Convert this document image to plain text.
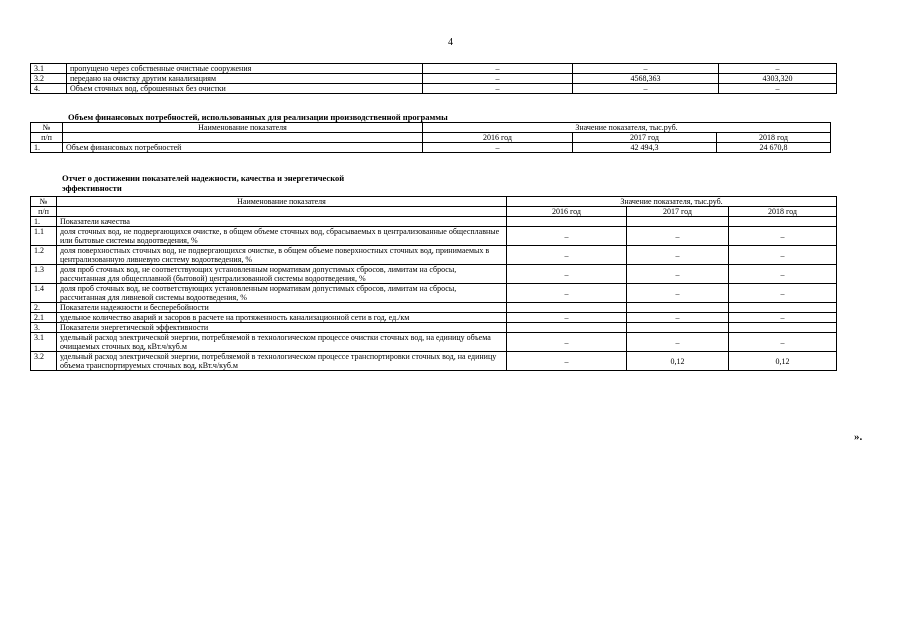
4
3.1	пропущено через собственные очистные сооружения	–	–	–
3.2	передано на очистку другим канализациям	–	4568,363	4303,320
4.	Объем сточных вод, сброшенных без очистки	–	–	–
Объем финансовых потребностей, использованных для реализации производственной программы
№	Наименование показателя	Значение показателя, тыс.руб.		
п/п		2016 год	2017 год	2018 год
1.	Объем финансовых потребностей	–	42 494,3	24 670,8
Отчет о достижении показателей надежности, качества и энергетической
эффективности
№	Наименование показателя	Значение показателя, тыс.руб.		
п/п		2016 год	2017 год	2018 год
1.	Показатели качества			
1.1	доля сточных вод, не подвергающихся очистке, в общем объеме сточных вод, сбрасываемых в централизованные общесплавные или бытовые системы водоотведения, %	–	–	–
1.2	доля поверхностных сточных вод, не подвергающихся очистке, в общем объеме поверхностных сточных вод, принимаемых в централизованную ливневую систему водоотведения, %	–	–	–
1.3	доля проб сточных вод, не соответствующих установленным нормативам допустимых сбросов, лимитам на сбросы, рассчитанная для общесплавной (бытовой) централизованной системы водоотведения, %	–	–	–
1.4	доля проб сточных вод, не соответствующих установленным нормативам допустимых сбросов, лимитам на сбросы, рассчитанная для ливневой системы водоотведения, %	–	–	–
2.	Показатели надежности и бесперебойности			
2.1	удельное количество аварий и засоров в расчете на протяженность канализационной сети в год, ед./км	–	–	–
3.	Показатели энергетической эффективности			
3.1	удельный расход электрической энергии, потребляемой в технологическом процессе очистки сточных вод, на единицу объема очищаемых сточных вод, кВт.ч/куб.м	–	–	–
3.2	удельный расход электрической энергии, потребляемой в технологическом процессе транспортировки сточных вод, на единицу объема транспортируемых сточных вод, кВт.ч/куб.м	–	0,12	0,12
».
